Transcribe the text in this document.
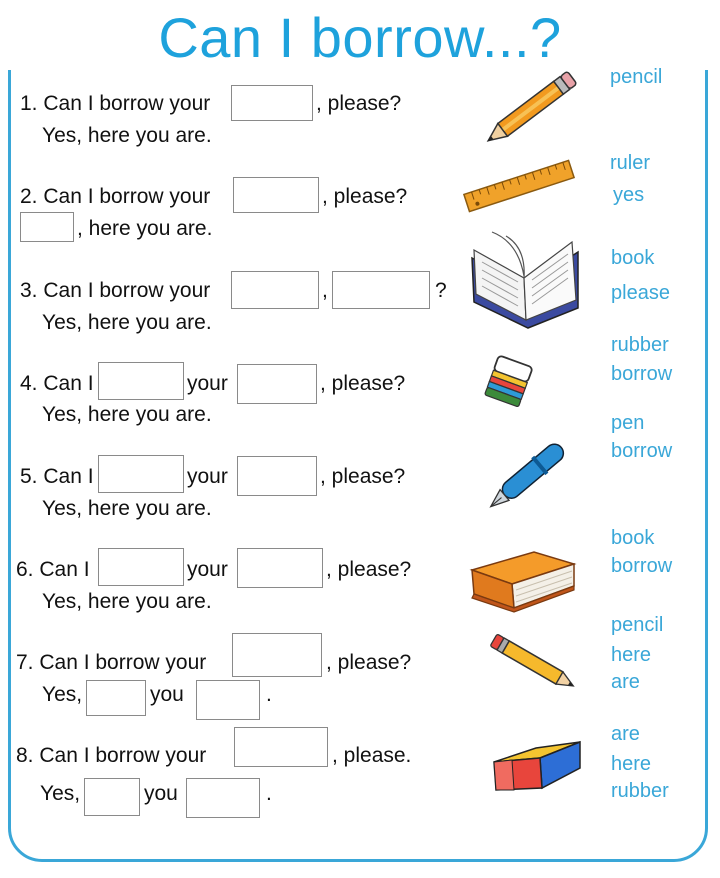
Can I borrow...?
1. Can I borrow your	, please?
Yes, here you are.
2. Can I borrow your	, please?
, here you are.
3. Can I borrow your	,	?
Yes, here you are.
4. Can I	your	, please?
Yes, here you are.
5. Can I	your	, please?
Yes, here you are.
6. Can I	your	, please?
Yes, here you are.
7. Can I borrow your	, please?
Yes,	you	.
8. Can I borrow your	, please.
Yes,	you	.
pencil
ruler
yes
book
please
rubber
borrow
pen
borrow
book
borrow
pencil
here
are
are
here
rubber
